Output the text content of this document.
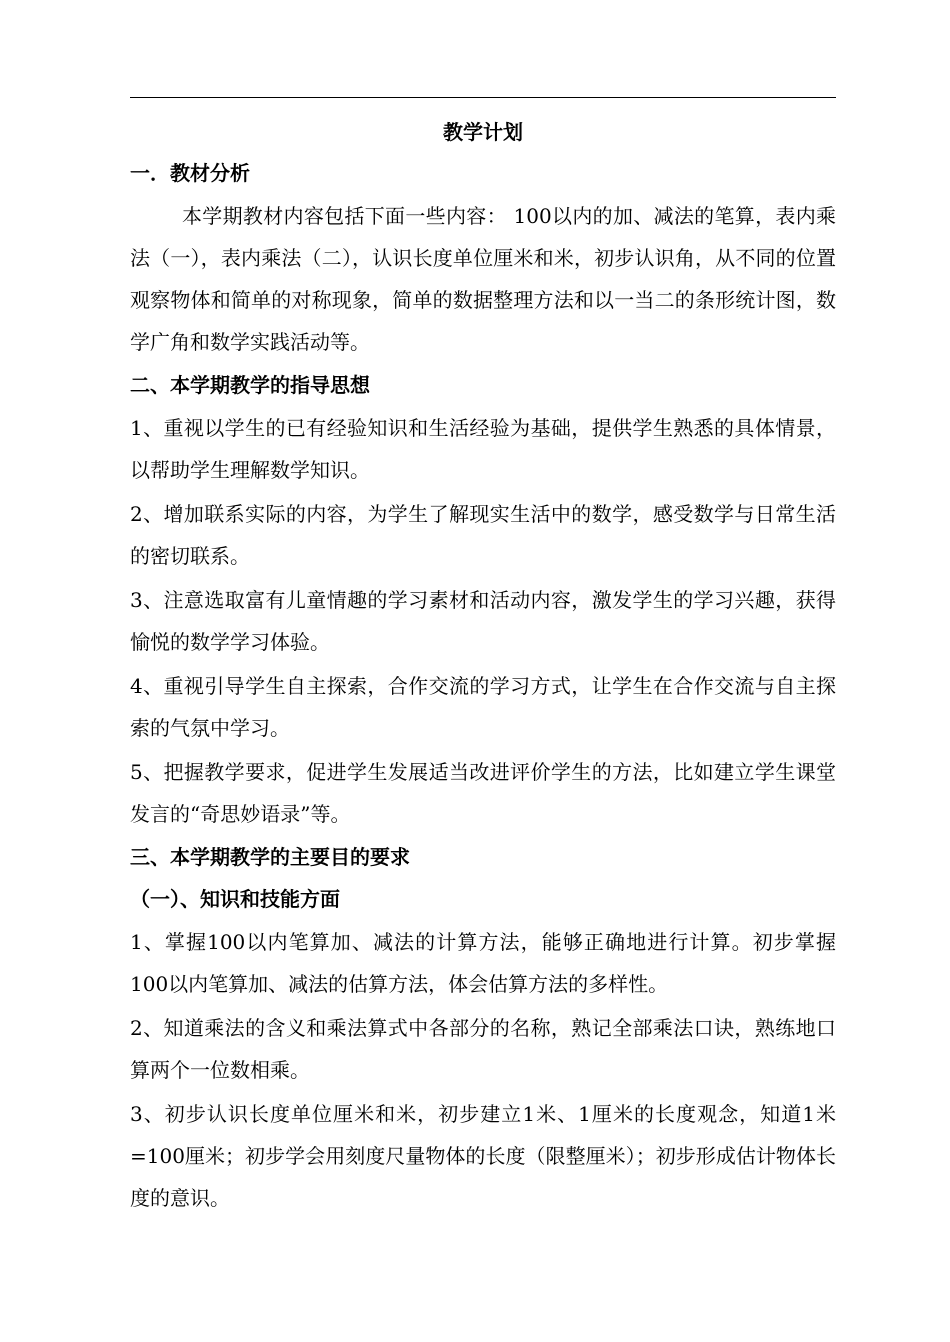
教学计划
一．教材分析
本学期教材内容包括下面一些内容： 100以内的加、减法的笔算，表内乘法（一），表内乘法（二），认识长度单位厘米和米，初步认识角，从不同的位置观察物体和简单的对称现象，简单的数据整理方法和以一当二的条形统计图，数学广角和数学实践活动等。
二、本学期教学的指导思想
1、重视以学生的已有经验知识和生活经验为基础，提供学生熟悉的具体情景，以帮助学生理解数学知识。
2、增加联系实际的内容，为学生了解现实生活中的数学，感受数学与日常生活的密切联系。
3、注意选取富有儿童情趣的学习素材和活动内容，激发学生的学习兴趣，获得愉悦的数学学习体验。
4、重视引导学生自主探索，合作交流的学习方式，让学生在合作交流与自主探索的气氛中学习。
5、把握教学要求，促进学生发展适当改进评价学生的方法，比如建立学生课堂发言的“奇思妙语录”等。
三、本学期教学的主要目的要求
（一）、知识和技能方面
1、掌握100以内笔算加、减法的计算方法，能够正确地进行计算。初步掌握100以内笔算加、减法的估算方法，体会估算方法的多样性。
2、知道乘法的含义和乘法算式中各部分的名称，熟记全部乘法口诀，熟练地口算两个一位数相乘。
3、初步认识长度单位厘米和米，初步建立1米、1厘米的长度观念，知道1米=100厘米；初步学会用刻度尺量物体的长度（限整厘米）；初步形成估计物体长度的意识。
